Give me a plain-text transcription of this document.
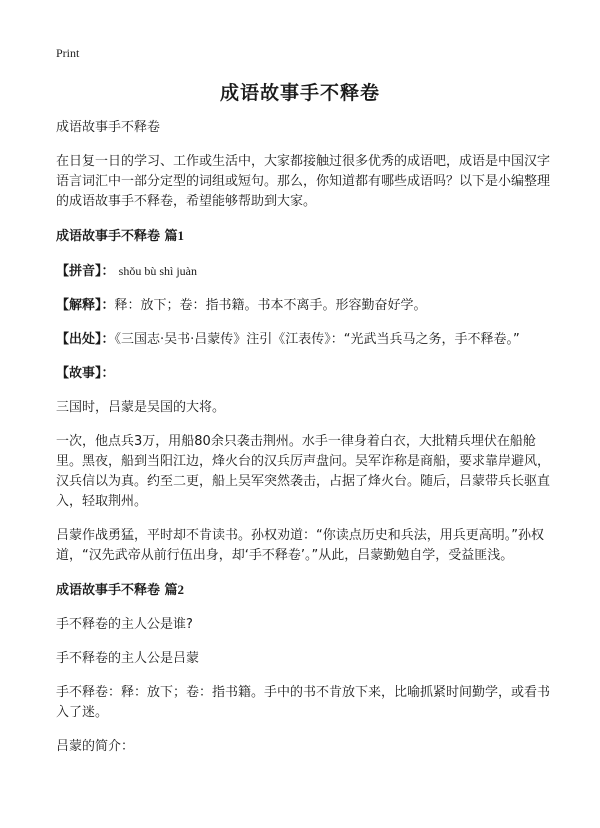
Print
成语故事手不释卷

成语故事手不释卷

在日复一日的学习、工作或生活中，大家都接触过很多优秀的成语吧，成语是中国汉字语言词汇中一部分定型的词组或短句。那么，你知道都有哪些成语吗？以下是小编整理的成语故事手不释卷，希望能够帮助到大家。

成语故事手不释卷 篇1

【拼音】： shǒu bù shì juàn

【解释】：释：放下；卷：指书籍。书本不离手。形容勤奋好学。

【出处】：《三国志·吴书·吕蒙传》注引《江表传》：“光武当兵马之务，手不释卷。”

【故事】：

三国时，吕蒙是吴国的大将。

一次，他点兵3万，用船80余只袭击荆州。水手一律身着白衣，大批精兵埋伏在船舱里。黑夜，船到当阳江边，烽火台的汉兵厉声盘问。吴军诈称是商船，要求靠岸避风，汉兵信以为真。约至二更，船上吴军突然袭击，占据了烽火台。随后，吕蒙带兵长驱直入，轻取荆州。

吕蒙作战勇猛，平时却不肯读书。孙权劝道：“你读点历史和兵法，用兵更高明。”孙权道，“汉先武帝从前行伍出身，却‘手不释卷’。”从此，吕蒙勤勉自学，受益匪浅。

成语故事手不释卷 篇2

手不释卷的主人公是谁?

手不释卷的主人公是吕蒙

手不释卷：释：放下；卷：指书籍。手中的书不肯放下来，比喻抓紧时间勤学，或看书入了迷。

吕蒙的简介：
